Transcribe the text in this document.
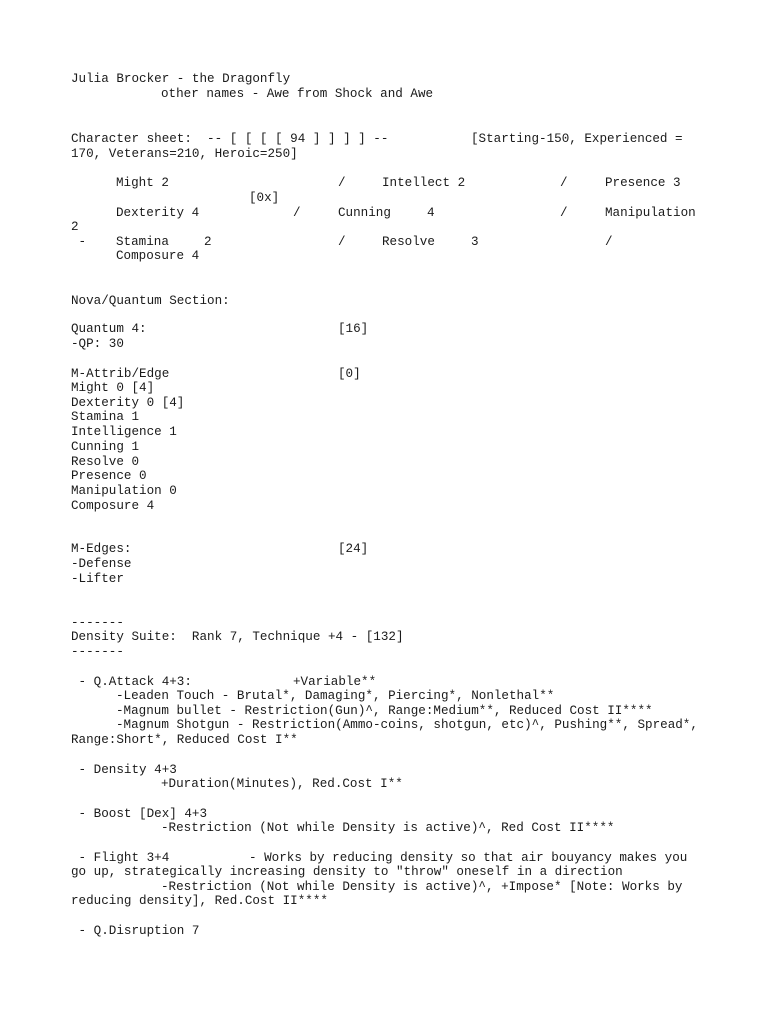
Julia Brocker - the Dragonfly

other names - Awe from Shock and Awe

Character sheet:  -- [ [ [ [ 94 ] ] ] ] --	[Starting-150, Experienced =

170, Veterans=210, Heroic=250]

Might 2	/	Intellect 2	/	Presence 3

[0x]

Dexterity 4	/	Cunning	4	/	Manipulation

2

- Stamina	2	/	Resolve	3	/

Composure 4

Nova/Quantum Section:

Quantum 4:	[16]

-QP: 30

M-Attrib/Edge	[0]

Might 0 [4]

Dexterity 0 [4]

Stamina 1

Intelligence 1

Cunning 1

Resolve 0

Presence 0

Manipulation 0

Composure 4

M-Edges:	[24]

-Defense

-Lifter

-------

Density Suite:  Rank 7, Technique +4 - [132]

-------

- Q.Attack 4+3:	+Variable**

-Leaden Touch - Brutal*, Damaging*, Piercing*, Nonlethal**

-Magnum bullet - Restriction(Gun)^, Range:Medium**, Reduced Cost II****

-Magnum Shotgun - Restriction(Ammo-coins, shotgun, etc)^, Pushing**, Spread*,

Range:Short*, Reduced Cost I**

- Density 4+3

+Duration(Minutes), Red.Cost I**

- Boost [Dex] 4+3

-Restriction (Not while Density is active)^, Red Cost II****

- Flight 3+4	- Works by reducing density so that air bouyancy makes you

go up, strategically increasing density to "throw" oneself in a direction

-Restriction (Not while Density is active)^, +Impose* [Note: Works by

reducing density], Red.Cost II****

- Q.Disruption 7
